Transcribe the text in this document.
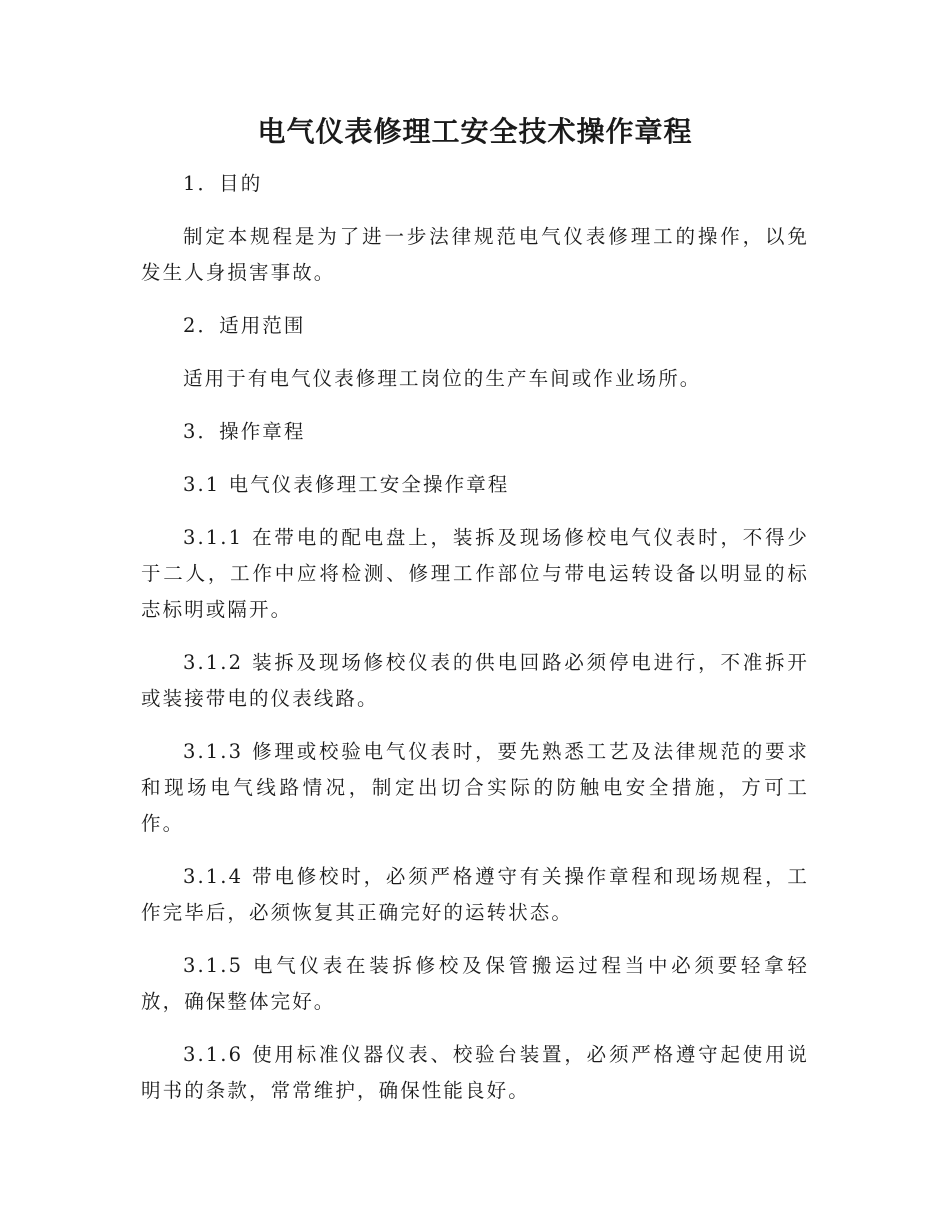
电气仪表修理工安全技术操作章程

1．目的

制定本规程是为了进一步法律规范电气仪表修理工的操作，以免发生人身损害事故。

2．适用范围

适用于有电气仪表修理工岗位的生产车间或作业场所。

3．操作章程

3.1 电气仪表修理工安全操作章程

3.1.1 在带电的配电盘上，装拆及现场修校电气仪表时，不得少于二人，工作中应将检测、修理工作部位与带电运转设备以明显的标志标明或隔开。

3.1.2 装拆及现场修校仪表的供电回路必须停电进行，不准拆开或装接带电的仪表线路。

3.1.3 修理或校验电气仪表时，要先熟悉工艺及法律规范的要求和现场电气线路情况，制定出切合实际的防触电安全措施，方可工作。

3.1.4 带电修校时，必须严格遵守有关操作章程和现场规程，工作完毕后，必须恢复其正确完好的运转状态。

3.1.5 电气仪表在装拆修校及保管搬运过程当中必须要轻拿轻放，确保整体完好。

3.1.6 使用标准仪器仪表、校验台装置，必须严格遵守起使用说明书的条款，常常维护，确保性能良好。
